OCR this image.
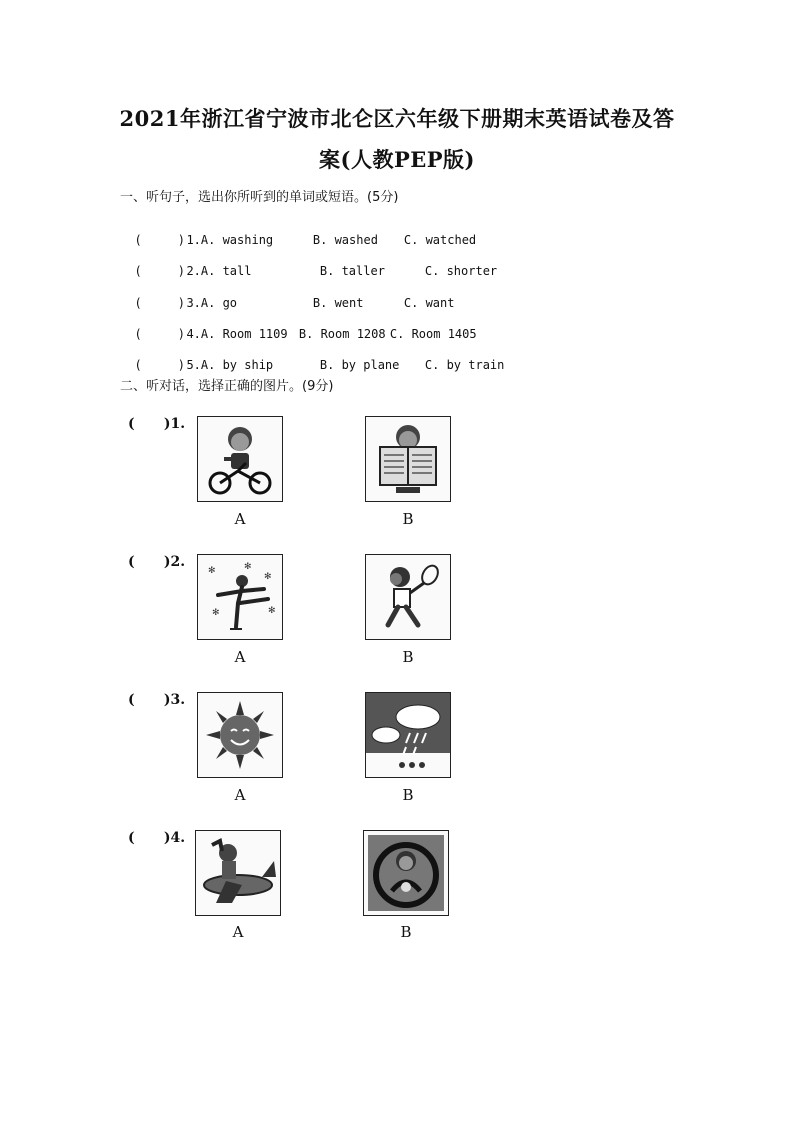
2021年浙江省宁波市北仑区六年级下册期末英语试卷及答
案(人教PEP版)
一、听句子，选出你所听到的单词或短语。(5分)

(     )1.A. washing	B. washed C. watched

(     )2.A. tall	B. taller	C. shorter

(     )3.A. go	B. went	C. want

(     )4.A. Room 1109 B. Room 1208 C. Room 1405

(     )5.A. by ship	B. by plane C. by train

二、听对话，选择正确的图片。(9分)
(      )1.
A	B
(      )2.
✻
✻
✻	✻
✻
A	B
(      )3.
A	B
(      )4.
A	B
